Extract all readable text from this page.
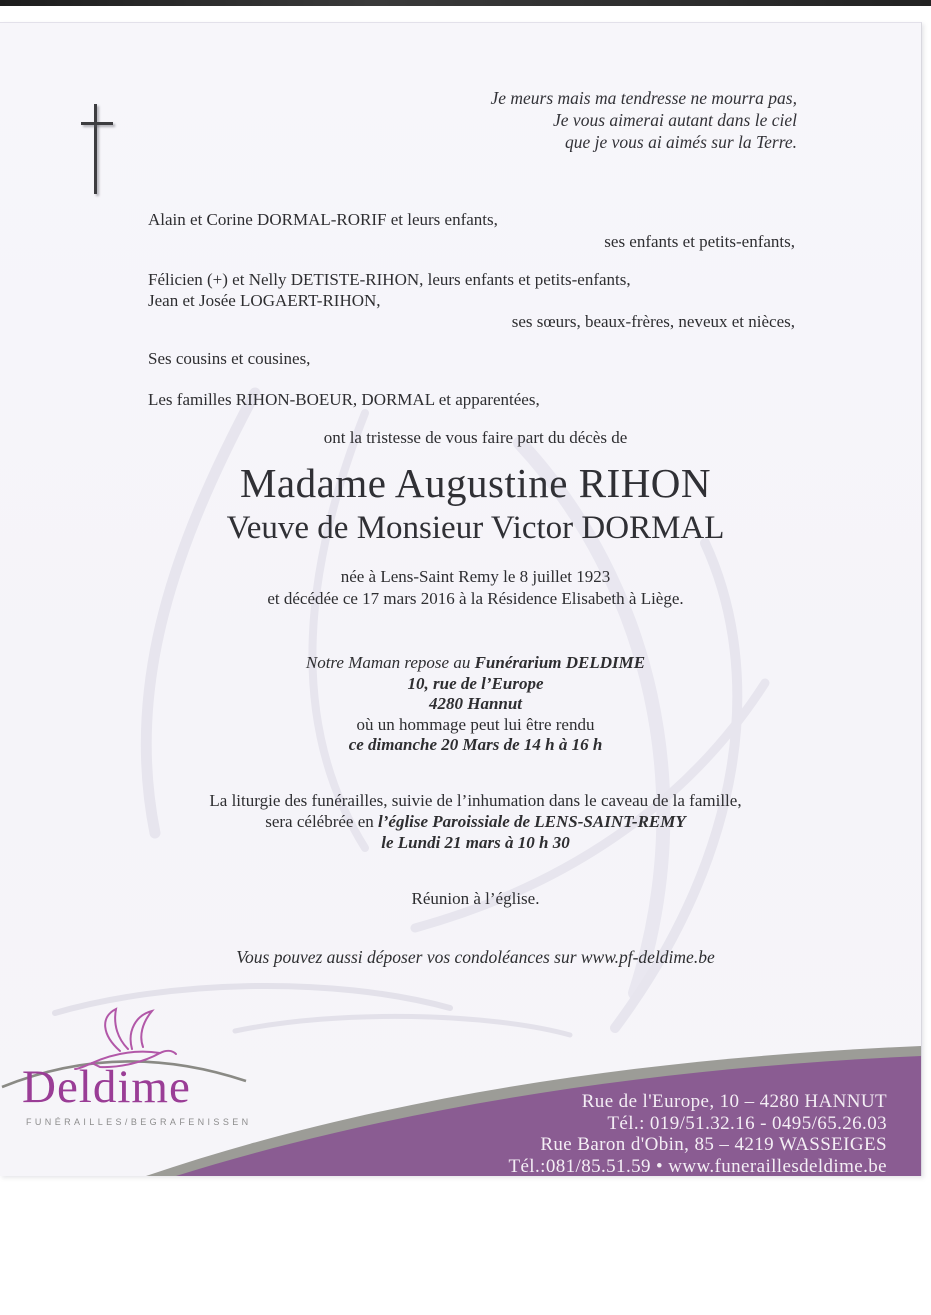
Je meurs mais ma tendresse ne mourra pas,
Je vous aimerai autant dans le ciel
que je vous ai aimés sur la Terre.
Alain et Corine DORMAL-RORIF et leurs enfants,
ses enfants et petits-enfants,
Félicien (+) et Nelly DETISTE-RIHON, leurs enfants et petits-enfants,
Jean et Josée LOGAERT-RIHON,
ses sœurs, beaux-frères, neveux et nièces,
Ses cousins et cousines,
Les familles RIHON-BOEUR, DORMAL et apparentées,
ont la tristesse de vous faire part du décès de
Madame Augustine RIHON
Veuve de Monsieur Victor DORMAL
née à Lens-Saint Remy le 8 juillet 1923
et décédée ce 17 mars 2016 à la Résidence Elisabeth à Liège.
Notre Maman repose au Funérarium DELDIME
10, rue de l’Europe
4280 Hannut
où un hommage peut lui être rendu
ce dimanche 20 Mars de 14 h à 16 h
La liturgie des funérailles, suivie de l’inhumation dans le caveau de la famille,
sera célébrée en l’église Paroissiale de LENS-SAINT-REMY
le Lundi 21 mars à 10 h 30
Réunion à l’église.
Vous pouvez aussi déposer vos condoléances sur www.pf-deldime.be
Deldime
FUNÉRAILLES/BEGRAFENISSEN
Rue de l'Europe, 10 – 4280 HANNUT
Tél.: 019/51.32.16 - 0495/65.26.03
Rue Baron d'Obin, 85 – 4219 WASSEIGES
Tél.:081/85.51.59 • www.funeraillesdeldime.be
